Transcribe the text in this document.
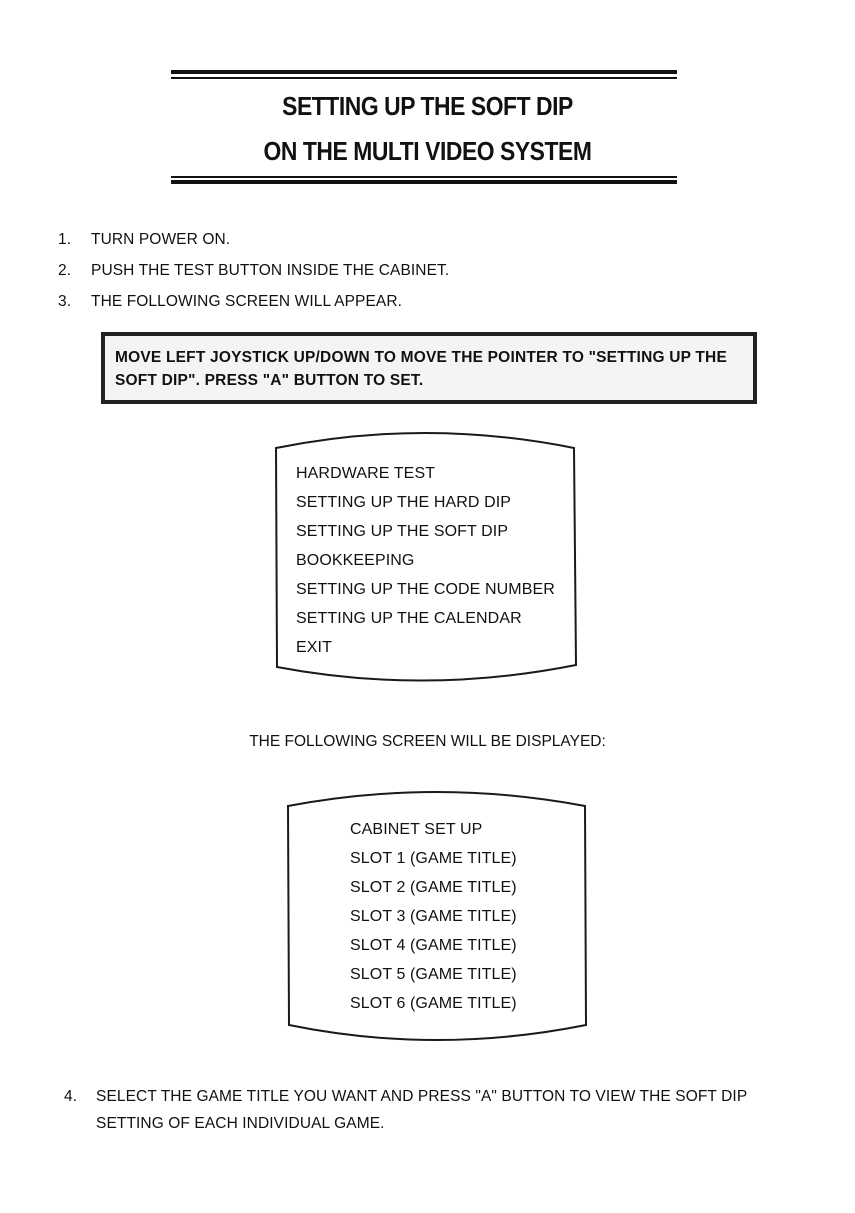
SETTING UP THE SOFT DIP
ON THE MULTI VIDEO SYSTEM
1. TURN POWER ON.
2. PUSH THE TEST BUTTON INSIDE THE CABINET.
3. THE FOLLOWING SCREEN WILL APPEAR.
MOVE LEFT JOYSTICK UP/DOWN TO MOVE THE POINTER TO "SETTING UP THE
SOFT DIP". PRESS "A" BUTTON TO SET.
HARDWARE TEST
SETTING UP THE HARD DIP
SETTING UP THE SOFT DIP
BOOKKEEPING
SETTING UP THE CODE NUMBER
SETTING UP THE CALENDAR
EXIT
THE FOLLOWING SCREEN WILL BE DISPLAYED:
CABINET SET UP
SLOT 1 (GAME TITLE)
SLOT 2 (GAME TITLE)
SLOT 3 (GAME TITLE)
SLOT 4 (GAME TITLE)
SLOT 5 (GAME TITLE)
SLOT 6 (GAME TITLE)
4. SELECT THE GAME TITLE YOU WANT AND PRESS "A" BUTTON TO VIEW THE SOFT DIP
SETTING OF EACH INDIVIDUAL GAME.
